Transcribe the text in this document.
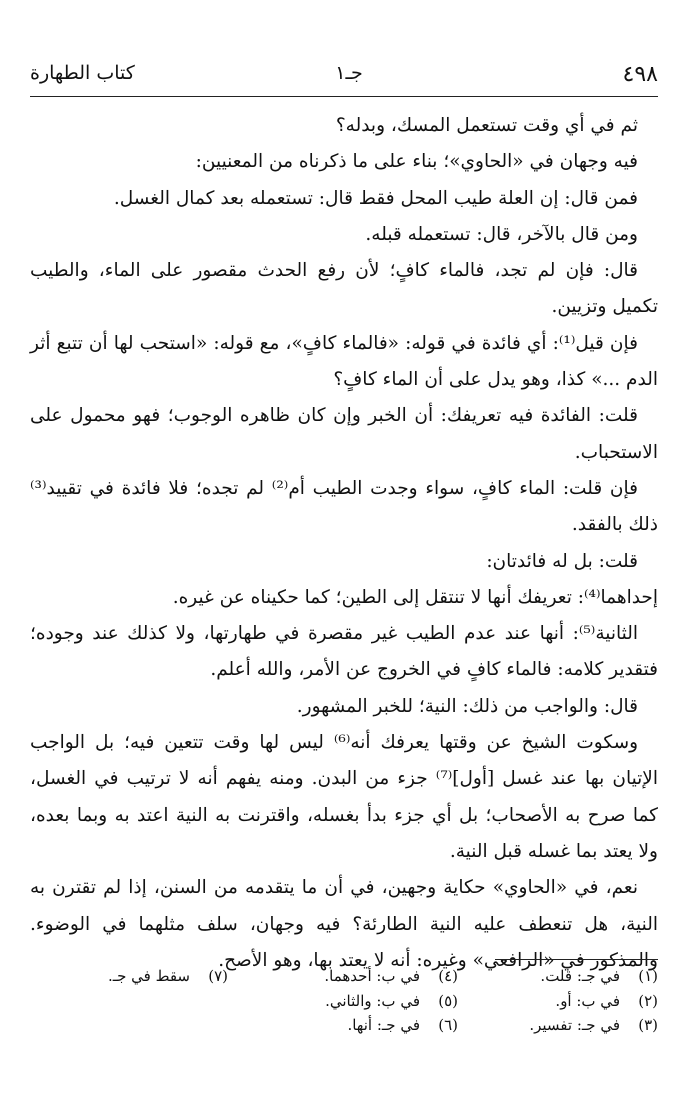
٤٩٨
جـ١
كتاب الطهارة

ثم في أي وقت تستعمل المسك، وبدله؟

فيه وجهان في «الحاوي»؛ بناء على ما ذكرناه من المعنيين:

فمن قال: إن العلة طيب المحل فقط قال: تستعمله بعد كمال الغسل.

ومن قال بالآخر، قال: تستعمله قبله.

قال: فإن لم تجد، فالماء كافٍ؛ لأن رفع الحدث مقصور على الماء، والطيب تكميل وتزيين.

فإن قيل⁽¹⁾: أي فائدة في قوله: «فالماء كافٍ»، مع قوله: «استحب لها أن تتبع أثر الدم ...» كذا، وهو يدل على أن الماء كافٍ؟

قلت: الفائدة فيه تعريفك: أن الخبر وإن كان ظاهره الوجوب؛ فهو محمول على الاستحباب.

فإن قلت: الماء كافٍ، سواء وجدت الطيب أم⁽²⁾ لم تجده؛ فلا فائدة في تقييد⁽³⁾ ذلك بالفقد.

قلت: بل له فائدتان:

إحداهما⁽⁴⁾: تعريفك أنها لا تنتقل إلى الطين؛ كما حكيناه عن غيره.

الثانية⁽⁵⁾: أنها عند عدم الطيب غير مقصرة في طهارتها، ولا كذلك عند وجوده؛ فتقدير كلامه: فالماء كافٍ في الخروج عن الأمر، والله أعلم.

قال: والواجب من ذلك: النية؛ للخبر المشهور.

وسكوت الشيخ عن وقتها يعرفك أنه⁽⁶⁾ ليس لها وقت تتعين فيه؛ بل الواجب الإتيان بها عند غسل [أول]⁽⁷⁾ جزء من البدن. ومنه يفهم أنه لا ترتيب في الغسل، كما صرح به الأصحاب؛ بل أي جزء بدأ بغسله، واقترنت به النية اعتد به وبما بعده، ولا يعتد بما غسله قبل النية.

نعم، في «الحاوي» حكاية وجهين، في أن ما يتقدمه من السنن، إذا لم تقترن به النية، هل تنعطف عليه النية الطارئة؟ فيه وجهان، سلف مثلهما في الوضوء. والمذكور في «الرافعي» وغيره: أنه لا يعتد بها، وهو الأصح.

(١)في جـ: قلت.
(٤)في ب: أحدهما.
(٧)سقط في جـ.
(٢)في ب: أو.
(٥)في ب: والثاني.
(٣)في جـ: تفسير.
(٦)في جـ: أنها.
